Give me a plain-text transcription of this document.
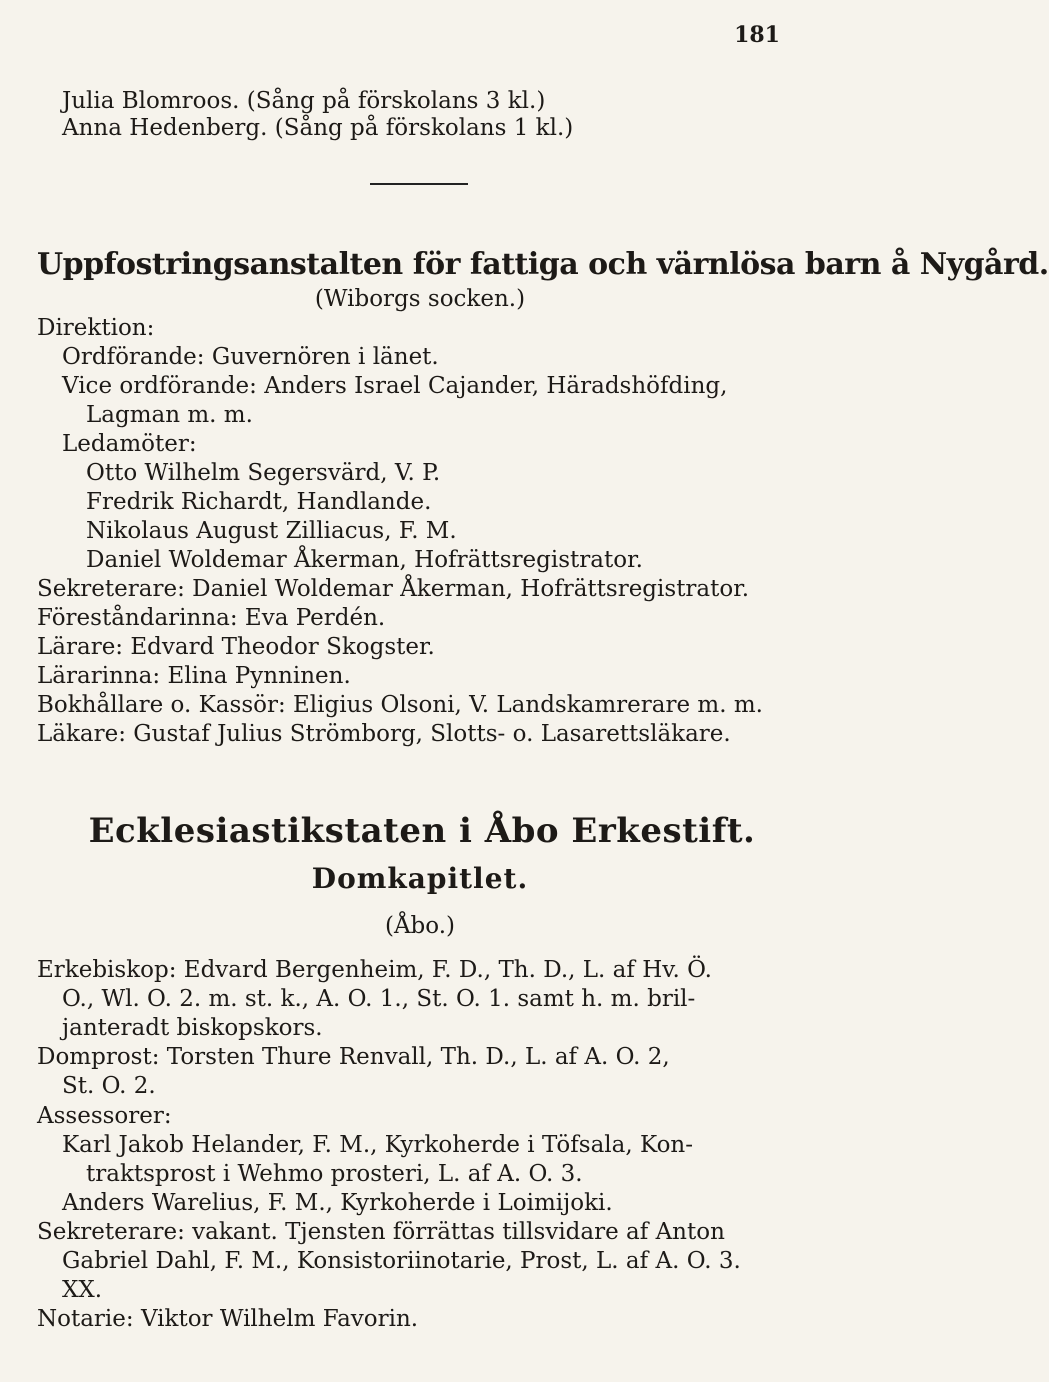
181
Julia Blomroos. (Sång på förskolans 3 kl.)
Anna Hedenberg. (Sång på förskolans 1 kl.)
Uppfostringsanstalten för fattiga och värnlösa barn å Nygård.
(Wiborgs socken.)
Direktion:
Ordförande: Guvernören i länet.
Vice ordförande: Anders Israel Cajander, Häradshöfding,
Lagman m. m.
Ledamöter:
Otto Wilhelm Segersvärd, V. P.
Fredrik Richardt, Handlande.
Nikolaus August Zilliacus, F. M.
Daniel Woldemar Åkerman, Hofrättsregistrator.
Sekreterare: Daniel Woldemar Åkerman, Hofrättsregistrator.
Föreståndarinna: Eva Perdén.
Lärare: Edvard Theodor Skogster.
Lärarinna: Elina Pynninen.
Bokhållare o. Kassör: Eligius Olsoni, V. Landskamrerare m. m.
Läkare: Gustaf Julius Strömborg, Slotts- o. Lasarettsläkare.
Ecklesiastikstaten i Åbo Erkestift.
Domkapitlet.
(Åbo.)
Erkebiskop: Edvard Bergenheim, F. D., Th. D., L. af Hv. Ö.
O., Wl. O. 2. m. st. k., A. O. 1., St. O. 1. samt h. m. bril-
janteradt biskopskors.
Domprost: Torsten Thure Renvall, Th. D., L. af A. O. 2,
St. O. 2.
Assessorer:
Karl Jakob Helander, F. M., Kyrkoherde i Töfsala, Kon-
traktsprost i Wehmo prosteri, L. af A. O. 3.
Anders Warelius, F. M., Kyrkoherde i Loimijoki.
Sekreterare: vakant. Tjensten förrättas tillsvidare af Anton
Gabriel Dahl, F. M., Konsistoriinotarie, Prost, L. af A. O. 3.
XX.
Notarie: Viktor Wilhelm Favorin.
